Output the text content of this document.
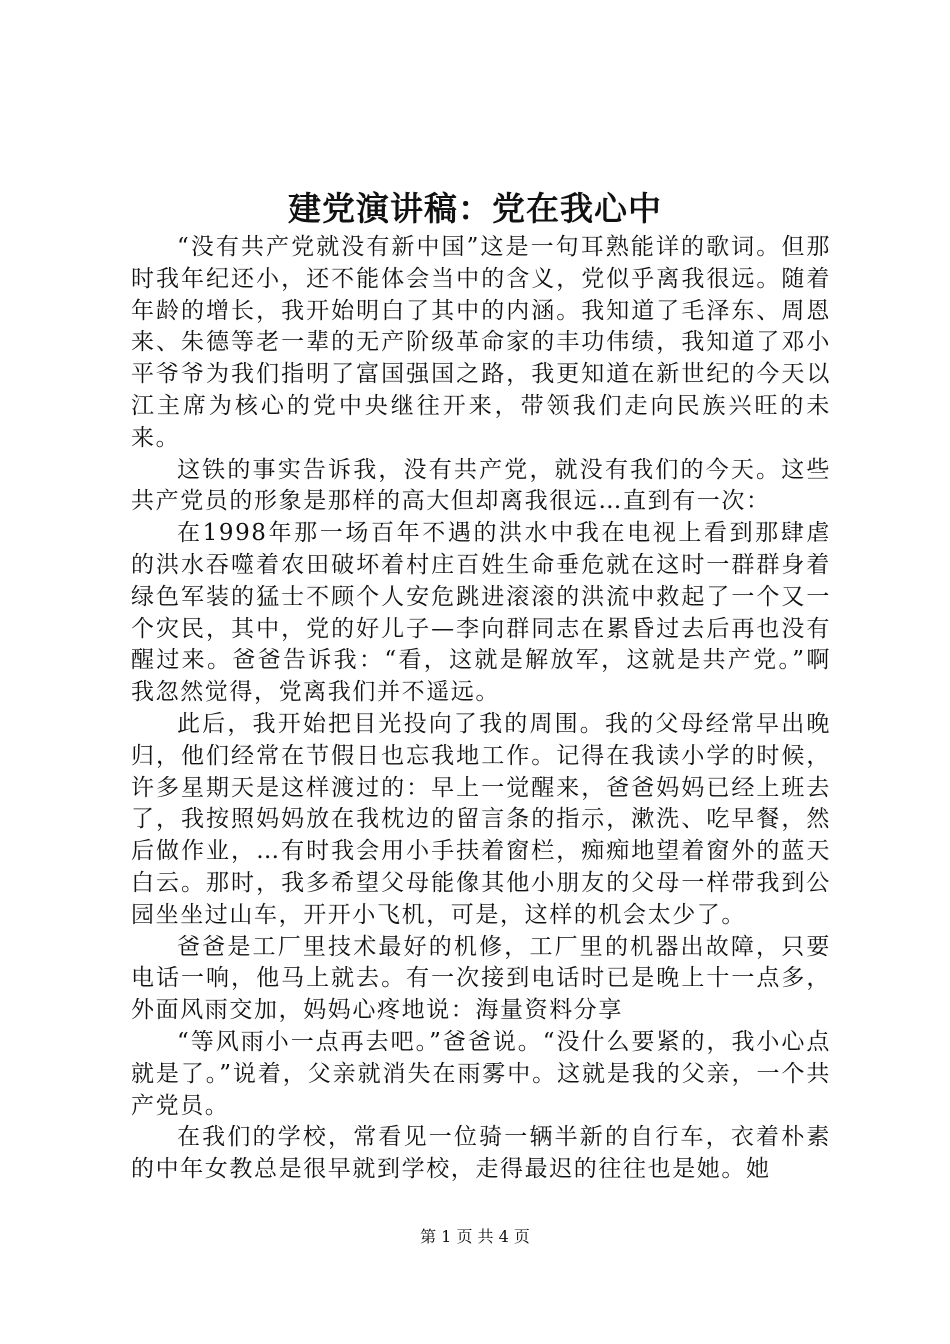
建党演讲稿：党在我心中

“没有共产党就没有新中国”这是一句耳熟能详的歌词。但那时我年纪还小，还不能体会当中的含义，党似乎离我很远。随着年龄的增长，我开始明白了其中的内涵。我知道了毛泽东、周恩来、朱德等老一辈的无产阶级革命家的丰功伟绩，我知道了邓小平爷爷为我们指明了富国强国之路，我更知道在新世纪的今天以江主席为核心的党中央继往开来，带领我们走向民族兴旺的未来。

这铁的事实告诉我，没有共产党，就没有我们的今天。这些共产党员的形象是那样的高大但却离我很远…直到有一次：

在1998年那一场百年不遇的洪水中我在电视上看到那肆虐的洪水吞噬着农田破坏着村庄百姓生命垂危就在这时一群群身着绿色军装的猛士不顾个人安危跳进滚滚的洪流中救起了一个又一个灾民，其中，党的好儿子—李向群同志在累昏过去后再也没有醒过来。爸爸告诉我：“看，这就是解放军，这就是共产党。”啊我忽然觉得，党离我们并不遥远。

此后，我开始把目光投向了我的周围。我的父母经常早出晚归，他们经常在节假日也忘我地工作。记得在我读小学的时候，许多星期天是这样渡过的：早上一觉醒来，爸爸妈妈已经上班去了，我按照妈妈放在我枕边的留言条的指示，漱洗、吃早餐，然后做作业，…有时我会用小手扶着窗栏，痴痴地望着窗外的蓝天白云。那时，我多希望父母能像其他小朋友的父母一样带我到公园坐坐过山车，开开小飞机，可是，这样的机会太少了。

爸爸是工厂里技术最好的机修，工厂里的机器出故障，只要电话一响，他马上就去。有一次接到电话时已是晚上十一点多，外面风雨交加，妈妈心疼地说：海量资料分享

“等风雨小一点再去吧。”爸爸说。“没什么要紧的，我小心点就是了。”说着，父亲就消失在雨雾中。这就是我的父亲，一个共产党员。

在我们的学校，常看见一位骑一辆半新的自行车，衣着朴素的中年女教总是很早就到学校，走得最迟的往往也是她。她

第 1 页 共 4 页
